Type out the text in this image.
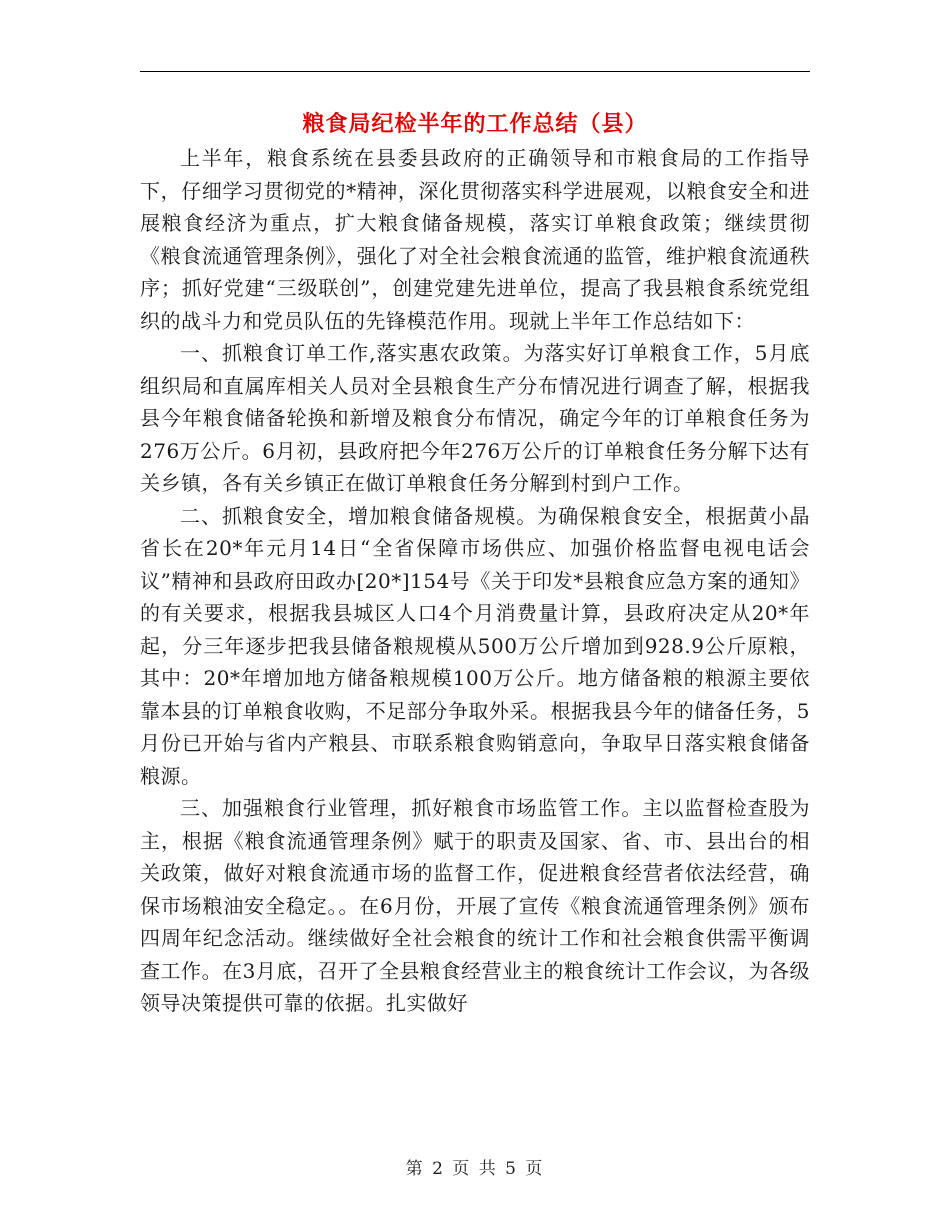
粮食局纪检半年的工作总结（县）

上半年，粮食系统在县委县政府的正确领导和市粮食局的工作指导下，仔细学习贯彻党的*精神，深化贯彻落实科学进展观，以粮食安全和进展粮食经济为重点，扩大粮食储备规模，落实订单粮食政策；继续贯彻《粮食流通管理条例》，强化了对全社会粮食流通的监管，维护粮食流通秩序；抓好党建“三级联创”，创建党建先进单位，提高了我县粮食系统党组织的战斗力和党员队伍的先锋模范作用。现就上半年工作总结如下：

一、抓粮食订单工作,落实惠农政策。为落实好订单粮食工作，5月底组织局和直属库相关人员对全县粮食生产分布情况进行调查了解，根据我县今年粮食储备轮换和新增及粮食分布情况，确定今年的订单粮食任务为276万公斤。6月初，县政府把今年276万公斤的订单粮食任务分解下达有关乡镇，各有关乡镇正在做订单粮食任务分解到村到户工作。

二、抓粮食安全，增加粮食储备规模。为确保粮食安全，根据黄小晶省长在20*年元月14日“全省保障市场供应、加强价格监督电视电话会议”精神和县政府田政办[20*]154号《关于印发*县粮食应急方案的通知》的有关要求，根据我县城区人口4个月消费量计算，县政府决定从20*年起，分三年逐步把我县储备粮规模从500万公斤增加到928.9公斤原粮，其中：20*年增加地方储备粮规模100万公斤。地方储备粮的粮源主要依靠本县的订单粮食收购，不足部分争取外采。根据我县今年的储备任务，5月份已开始与省内产粮县、市联系粮食购销意向，争取早日落实粮食储备粮源。

三、加强粮食行业管理，抓好粮食市场监管工作。主以监督检查股为主，根据《粮食流通管理条例》赋于的职责及国家、省、市、县出台的相关政策，做好对粮食流通市场的监督工作，促进粮食经营者依法经营，确保市场粮油安全稳定。。在6月份，开展了宣传《粮食流通管理条例》颁布四周年纪念活动。继续做好全社会粮食的统计工作和社会粮食供需平衡调查工作。在3月底，召开了全县粮食经营业主的粮食统计工作会议，为各级领导决策提供可靠的依据。扎实做好

第 2 页 共 5 页
